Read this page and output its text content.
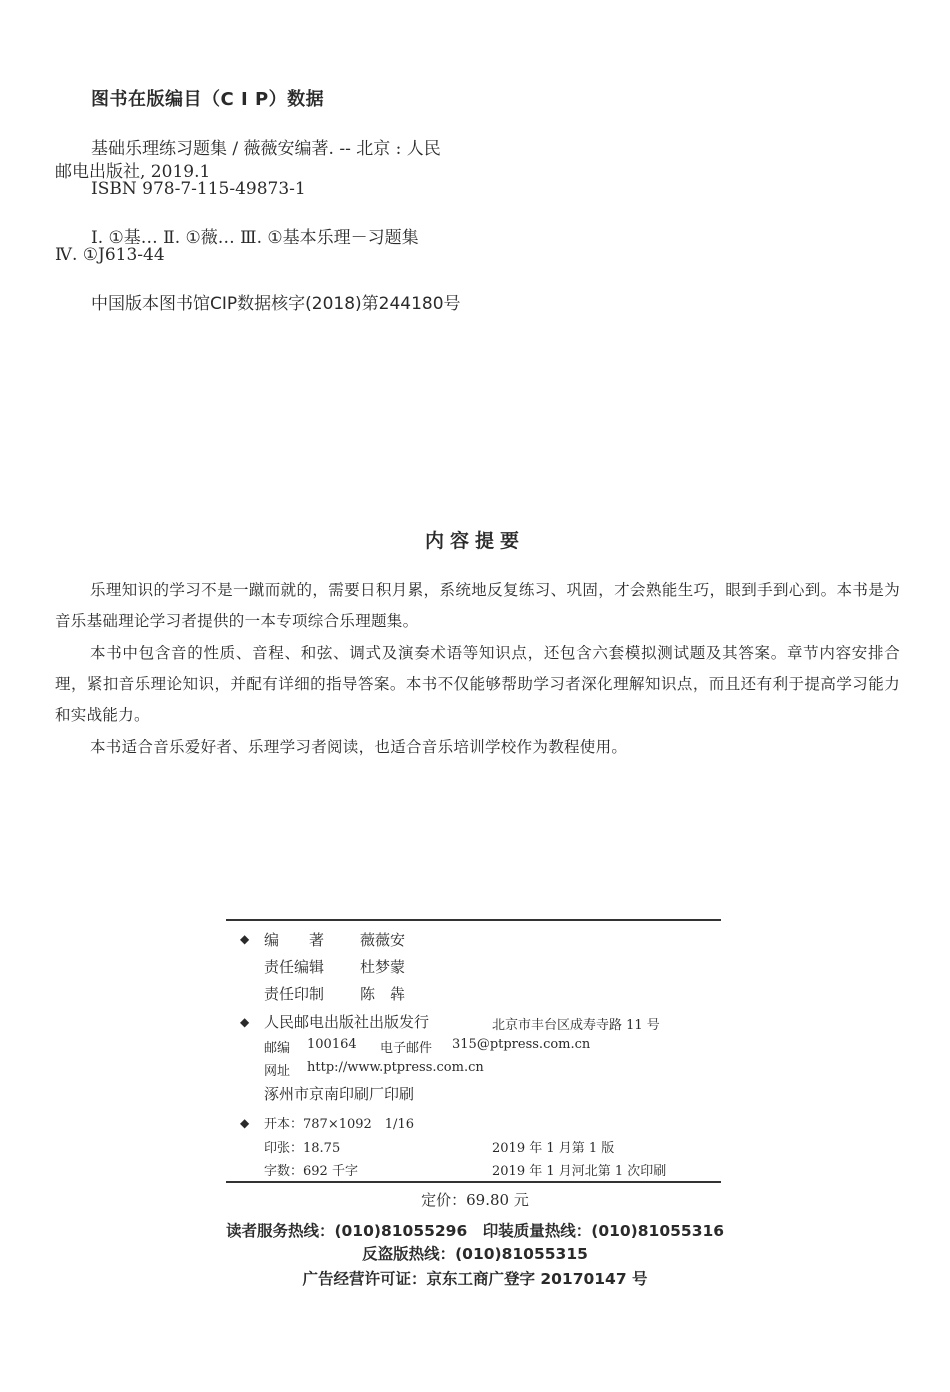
图书在版编目（C I P）数据
基础乐理练习题集 / 薇薇安编著. -- 北京 : 人民
邮电出版社, 2019.1
ISBN 978-7-115-49873-1
Ⅰ. ①基… Ⅱ. ①薇… Ⅲ. ①基本乐理－习题集
Ⅳ. ①J613-44
中国版本图书馆CIP数据核字(2018)第244180号
内容提要
乐理知识的学习不是一蹴而就的，需要日积月累，系统地反复练习、巩固，才会熟能生巧，眼到手到心到。本书是为音乐基础理论学习者提供的一本专项综合乐理题集。
本书中包含音的性质、音程、和弦、调式及演奏术语等知识点，还包含六套模拟测试题及其答案。章节内容安排合理，紧扣音乐理论知识，并配有详细的指导答案。本书不仅能够帮助学习者深化理解知识点，而且还有利于提高学习能力和实战能力。
本书适合音乐爱好者、乐理学习者阅读，也适合音乐培训学校作为教程使用。
◆ 编　　著 薇薇安
责任编辑 杜梦蒙
责任印制 陈　犇
◆ 人民邮电出版社出版发行	北京市丰台区成寿寺路 11 号
邮编 100164 电子邮件 315@ptpress.com.cn
网址 http://www.ptpress.com.cn
涿州市京南印刷厂印刷
◆ 开本：787×1092　1/16
印张：18.75	2019 年 1 月第 1 版
字数：692 千字	2019 年 1 月河北第 1 次印刷
定价：69.80 元
读者服务热线：(010)81055296　印装质量热线：(010)81055316
反盗版热线：(010)81055315
广告经营许可证：京东工商广登字 20170147 号
